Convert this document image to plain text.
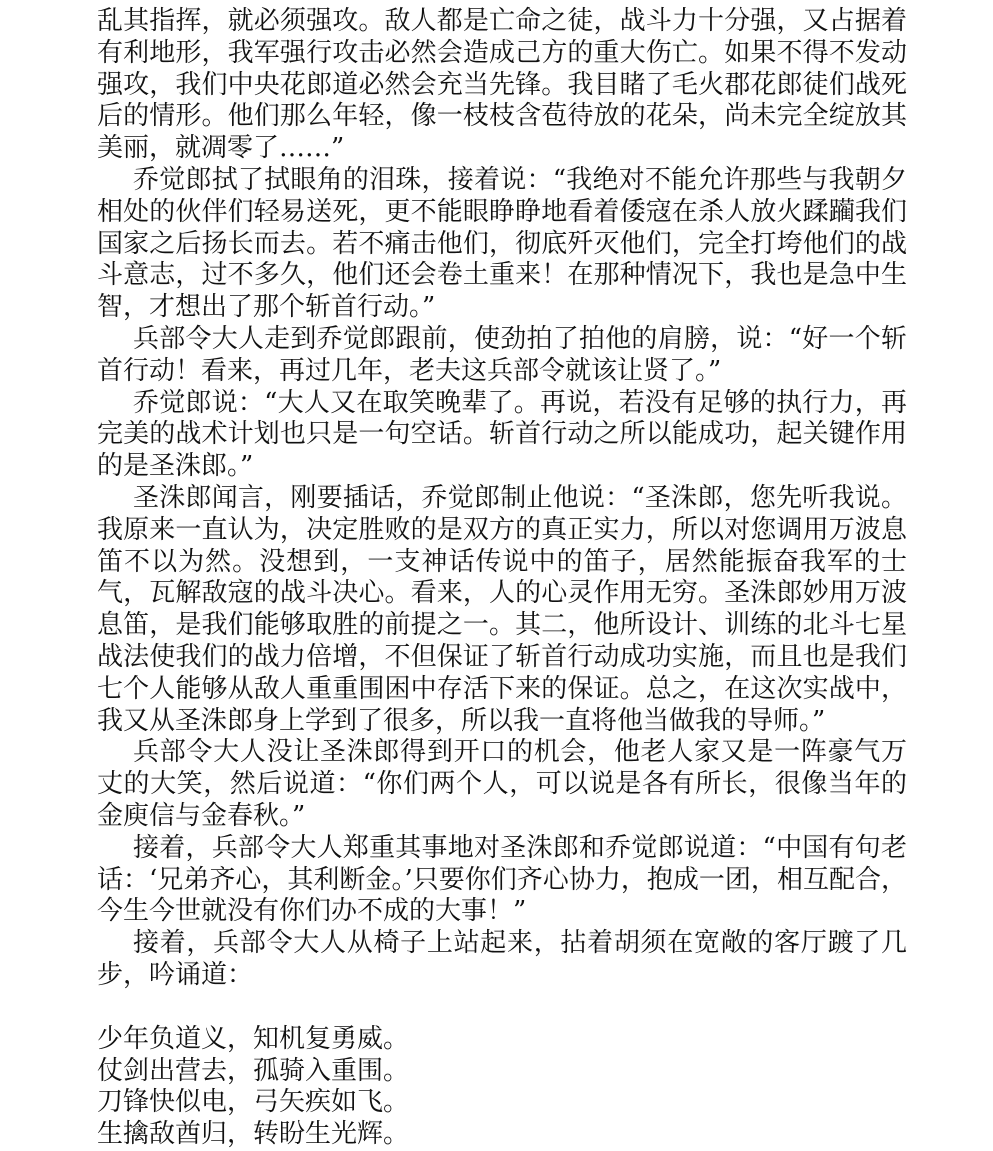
乱其指挥，就必须强攻。敌人都是亡命之徒，战斗力十分强，又占据着有利地形，我军强行攻击必然会造成己方的重大伤亡。如果不得不发动强攻，我们中央花郎道必然会充当先锋。我目睹了毛火郡花郎徒们战死后的情形。他们那么年轻，像一枝枝含苞待放的花朵，尚未完全绽放其美丽，就凋零了……”

乔觉郎拭了拭眼角的泪珠，接着说：“我绝对不能允许那些与我朝夕相处的伙伴们轻易送死，更不能眼睁睁地看着倭寇在杀人放火蹂躏我们国家之后扬长而去。若不痛击他们，彻底歼灭他们，完全打垮他们的战斗意志，过不多久，他们还会卷土重来！在那种情况下，我也是急中生智，才想出了那个斩首行动。”

兵部令大人走到乔觉郎跟前，使劲拍了拍他的肩膀，说：“好一个斩首行动！看来，再过几年，老夫这兵部令就该让贤了。”

乔觉郎说：“大人又在取笑晚辈了。再说，若没有足够的执行力，再完美的战术计划也只是一句空话。斩首行动之所以能成功，起关键作用的是圣洙郎。”

圣洙郎闻言，刚要插话，乔觉郎制止他说：“圣洙郎，您先听我说。我原来一直认为，决定胜败的是双方的真正实力，所以对您调用万波息笛不以为然。没想到，一支神话传说中的笛子，居然能振奋我军的士气，瓦解敌寇的战斗决心。看来，人的心灵作用无穷。圣洙郎妙用万波息笛，是我们能够取胜的前提之一。其二，他所设计、训练的北斗七星战法使我们的战力倍增，不但保证了斩首行动成功实施，而且也是我们七个人能够从敌人重重围困中存活下来的保证。总之，在这次实战中，我又从圣洙郎身上学到了很多，所以我一直将他当做我的导师。”

兵部令大人没让圣洙郎得到开口的机会，他老人家又是一阵豪气万丈的大笑，然后说道：“你们两个人，可以说是各有所长，很像当年的金庾信与金春秋。”

接着，兵部令大人郑重其事地对圣洙郎和乔觉郎说道：“中国有句老话：‘兄弟齐心，其利断金。’只要你们齐心协力，抱成一团，相互配合，今生今世就没有你们办不成的大事！”

接着，兵部令大人从椅子上站起来，拈着胡须在宽敞的客厅踱了几步，吟诵道：

少年负道义，知机复勇威。
仗剑出营去，孤骑入重围。
刀锋快似电，弓矢疾如飞。
生擒敌酋归，转盼生光辉。
